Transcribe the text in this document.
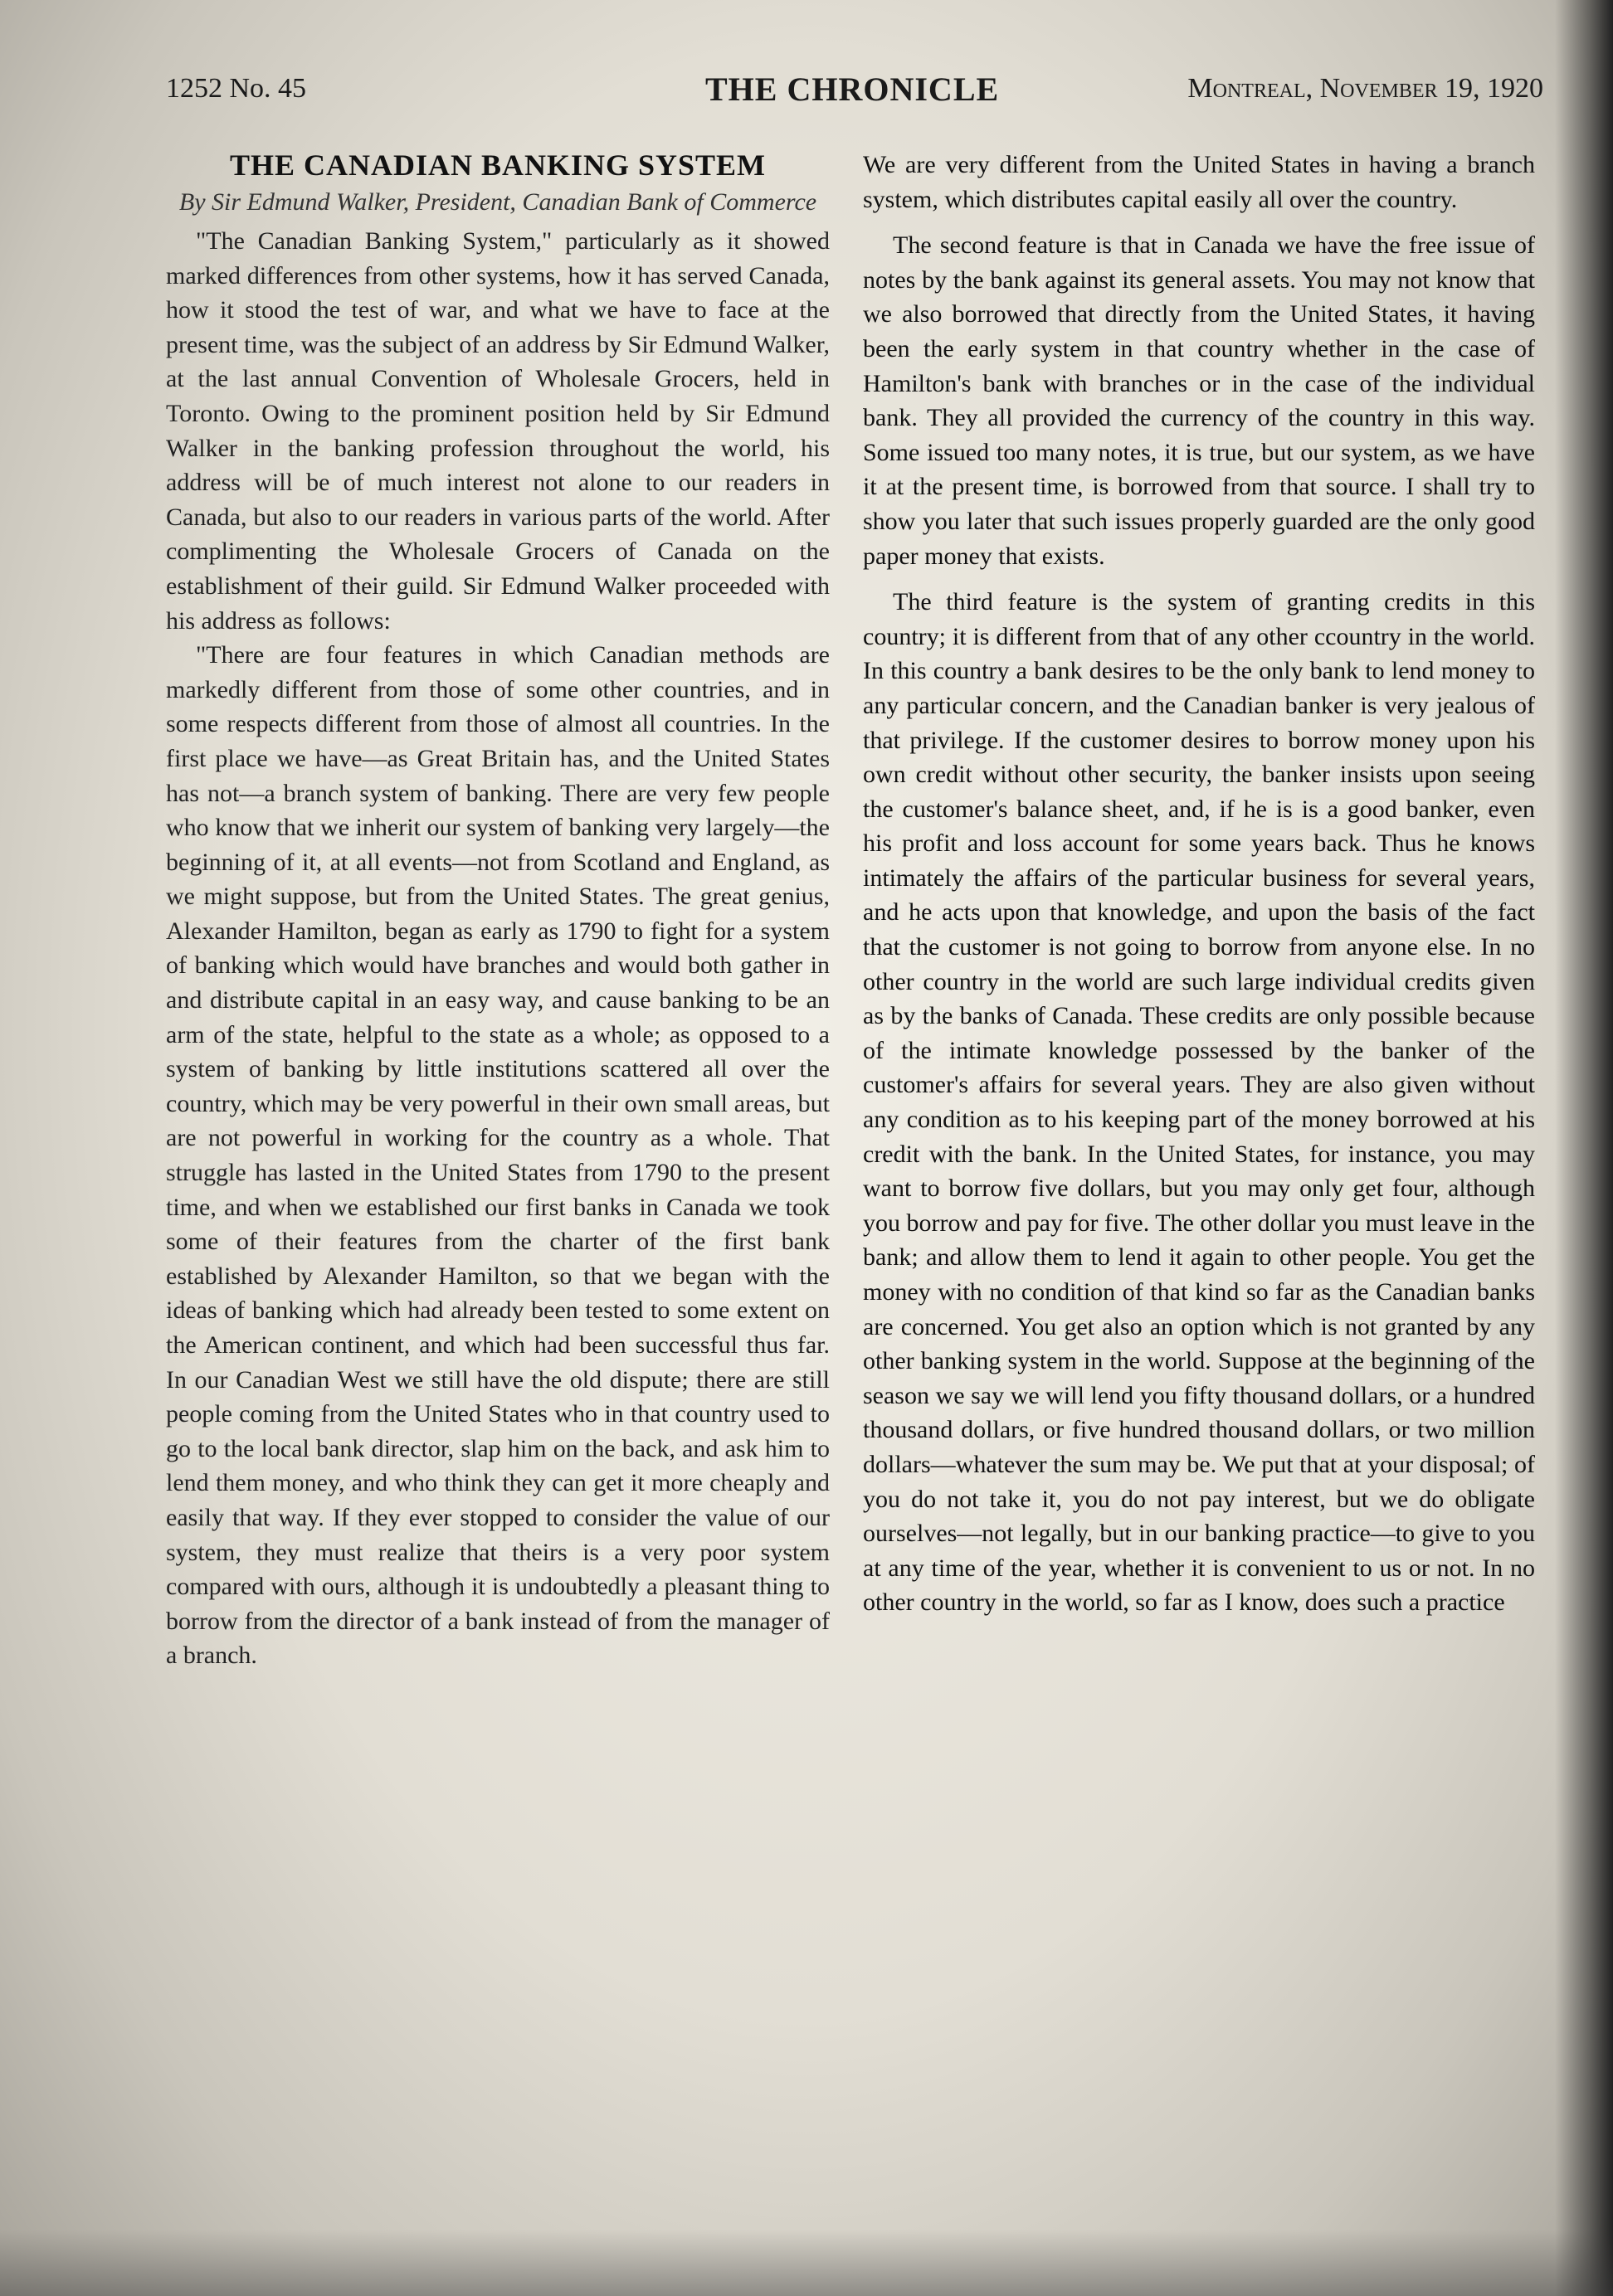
1252 No. 45	THE CHRONICLE	Montreal, November 19, 1920
THE CANADIAN BANKING SYSTEM
By Sir Edmund Walker, President, Canadian Bank of Commerce

"The Canadian Banking System," particularly as it showed marked differences from other systems, how it has served Canada, how it stood the test of war, and what we have to face at the present time, was the subject of an address by Sir Edmund Walker, at the last annual Convention of Wholesale Grocers, held in Toronto. Owing to the prominent position held by Sir Edmund Walker in the banking profession throughout the world, his address will be of much interest not alone to our readers in Canada, but also to our readers in various parts of the world. After complimenting the Wholesale Grocers of Canada on the establishment of their guild. Sir Edmund Walker proceeded with his address as follows:

"There are four features in which Canadian methods are markedly different from those of some other countries, and in some respects different from those of almost all countries. In the first place we have—as Great Britain has, and the United States has not—a branch system of banking. There are very few people who know that we inherit our system of banking very largely—the beginning of it, at all events—not from Scotland and England, as we might suppose, but from the United States. The great genius, Alexander Hamilton, began as early as 1790 to fight for a system of banking which would have branches and would both gather in and distribute capital in an easy way, and cause banking to be an arm of the state, helpful to the state as a whole; as opposed to a system of banking by little institutions scattered all over the country, which may be very powerful in their own small areas, but are not powerful in working for the country as a whole. That struggle has lasted in the United States from 1790 to the present time, and when we established our first banks in Canada we took some of their features from the charter of the first bank established by Alexander Hamilton, so that we began with the ideas of banking which had already been tested to some extent on the American continent, and which had been successful thus far. In our Canadian West we still have the old dispute; there are still people coming from the United States who in that country used to go to the local bank director, slap him on the back, and ask him to lend them money, and who think they can get it more cheaply and easily that way. If they ever stopped to consider the value of our system, they must realize that theirs is a very poor system compared with ours, although it is undoubtedly a pleasant thing to borrow from the director of a bank instead of from the manager of a branch.

We are very different from the United States in having a branch system, which distributes capital easily all over the country.

The second feature is that in Canada we have the free issue of notes by the bank against its general assets. You may not know that we also borrowed that directly from the United States, it having been the early system in that country whether in the case of Hamilton's bank with branches or in the case of the individual bank. They all provided the currency of the country in this way. Some issued too many notes, it is true, but our system, as we have it at the present time, is borrowed from that source. I shall try to show you later that such issues properly guarded are the only good paper money that exists.

The third feature is the system of granting credits in this country; it is different from that of any other ccountry in the world. In this country a bank desires to be the only bank to lend money to any particular concern, and the Canadian banker is very jealous of that privilege. If the customer desires to borrow money upon his own credit without other security, the banker insists upon seeing the customer's balance sheet, and, if he is is a good banker, even his profit and loss account for some years back. Thus he knows intimately the affairs of the particular business for several years, and he acts upon that knowledge, and upon the basis of the fact that the customer is not going to borrow from anyone else. In no other country in the world are such large individual credits given as by the banks of Canada. These credits are only possible because of the intimate knowledge possessed by the banker of the customer's affairs for several years. They are also given without any condition as to his keeping part of the money borrowed at his credit with the bank. In the United States, for instance, you may want to borrow five dollars, but you may only get four, although you borrow and pay for five. The other dollar you must leave in the bank; and allow them to lend it again to other people. You get the money with no condition of that kind so far as the Canadian banks are concerned. You get also an option which is not granted by any other banking system in the world. Suppose at the beginning of the season we say we will lend you fifty thousand dollars, or a hundred thousand dollars, or five hundred thousand dollars, or two million dollars—whatever the sum may be. We put that at your disposal; of you do not take it, you do not pay interest, but we do obligate ourselves—not legally, but in our banking practice—to give to you at any time of the year, whether it is convenient to us or not. In no other country in the world, so far as I know, does such a practice
